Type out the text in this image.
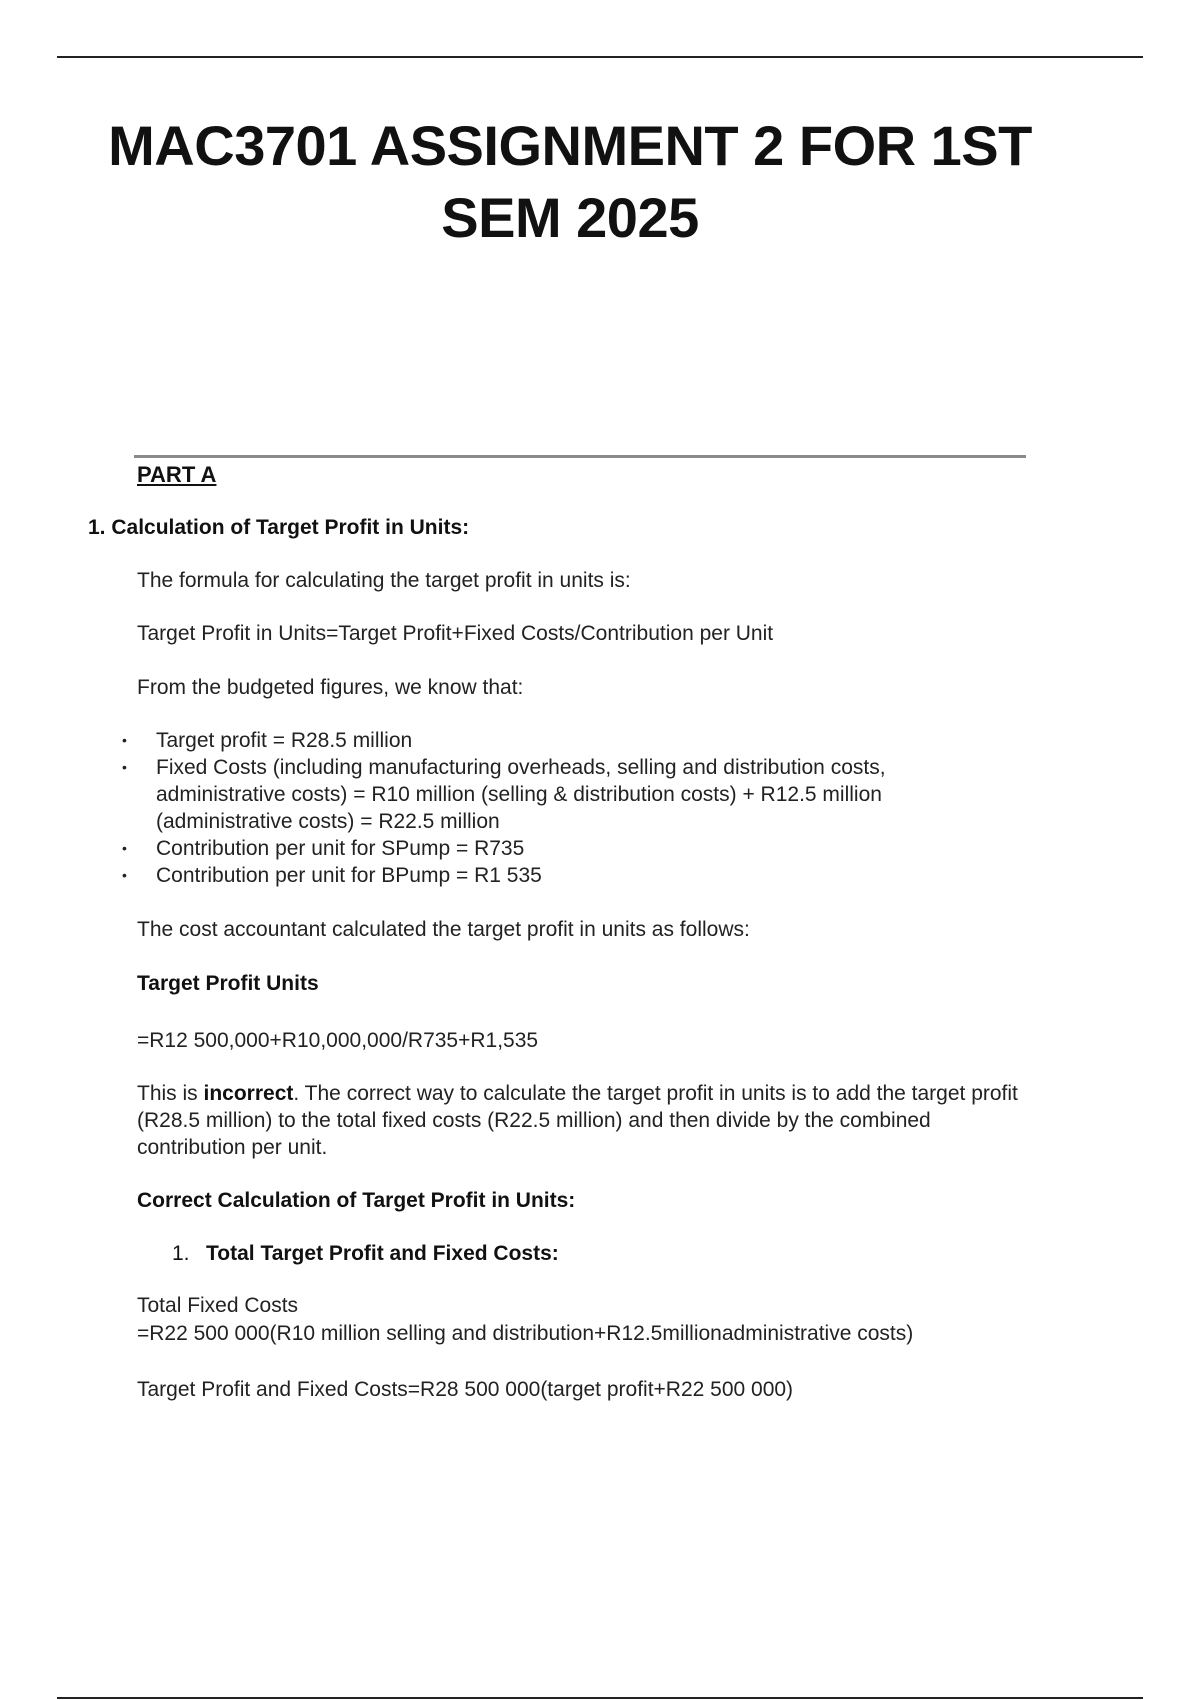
MAC3701 ASSIGNMENT 2 FOR 1ST SEM 2025
PART A
1. Calculation of Target Profit in Units:

The formula for calculating the target profit in units is:

Target Profit in Units=Target Profit+Fixed Costs/Contribution per Unit

From the budgeted figures, we know that:

• Target profit = R28.5 million
• Fixed Costs (including manufacturing overheads, selling and distribution costs, administrative costs) = R10 million (selling & distribution costs) + R12.5 million (administrative costs) = R22.5 million
• Contribution per unit for SPump = R735
• Contribution per unit for BPump = R1 535

The cost accountant calculated the target profit in units as follows:

Target Profit Units

=R12 500,000+R10,000,000/R735+R1,535

This is incorrect. The correct way to calculate the target profit in units is to add the target profit (R28.5 million) to the total fixed costs (R22.5 million) and then divide by the combined contribution per unit.

Correct Calculation of Target Profit in Units:

1. Total Target Profit and Fixed Costs:

Total Fixed Costs

=R22 500 000(R10 million selling and distribution+R12.5millionadministrative costs)

Target Profit and Fixed Costs=R28 500 000(target profit+R22 500 000)
